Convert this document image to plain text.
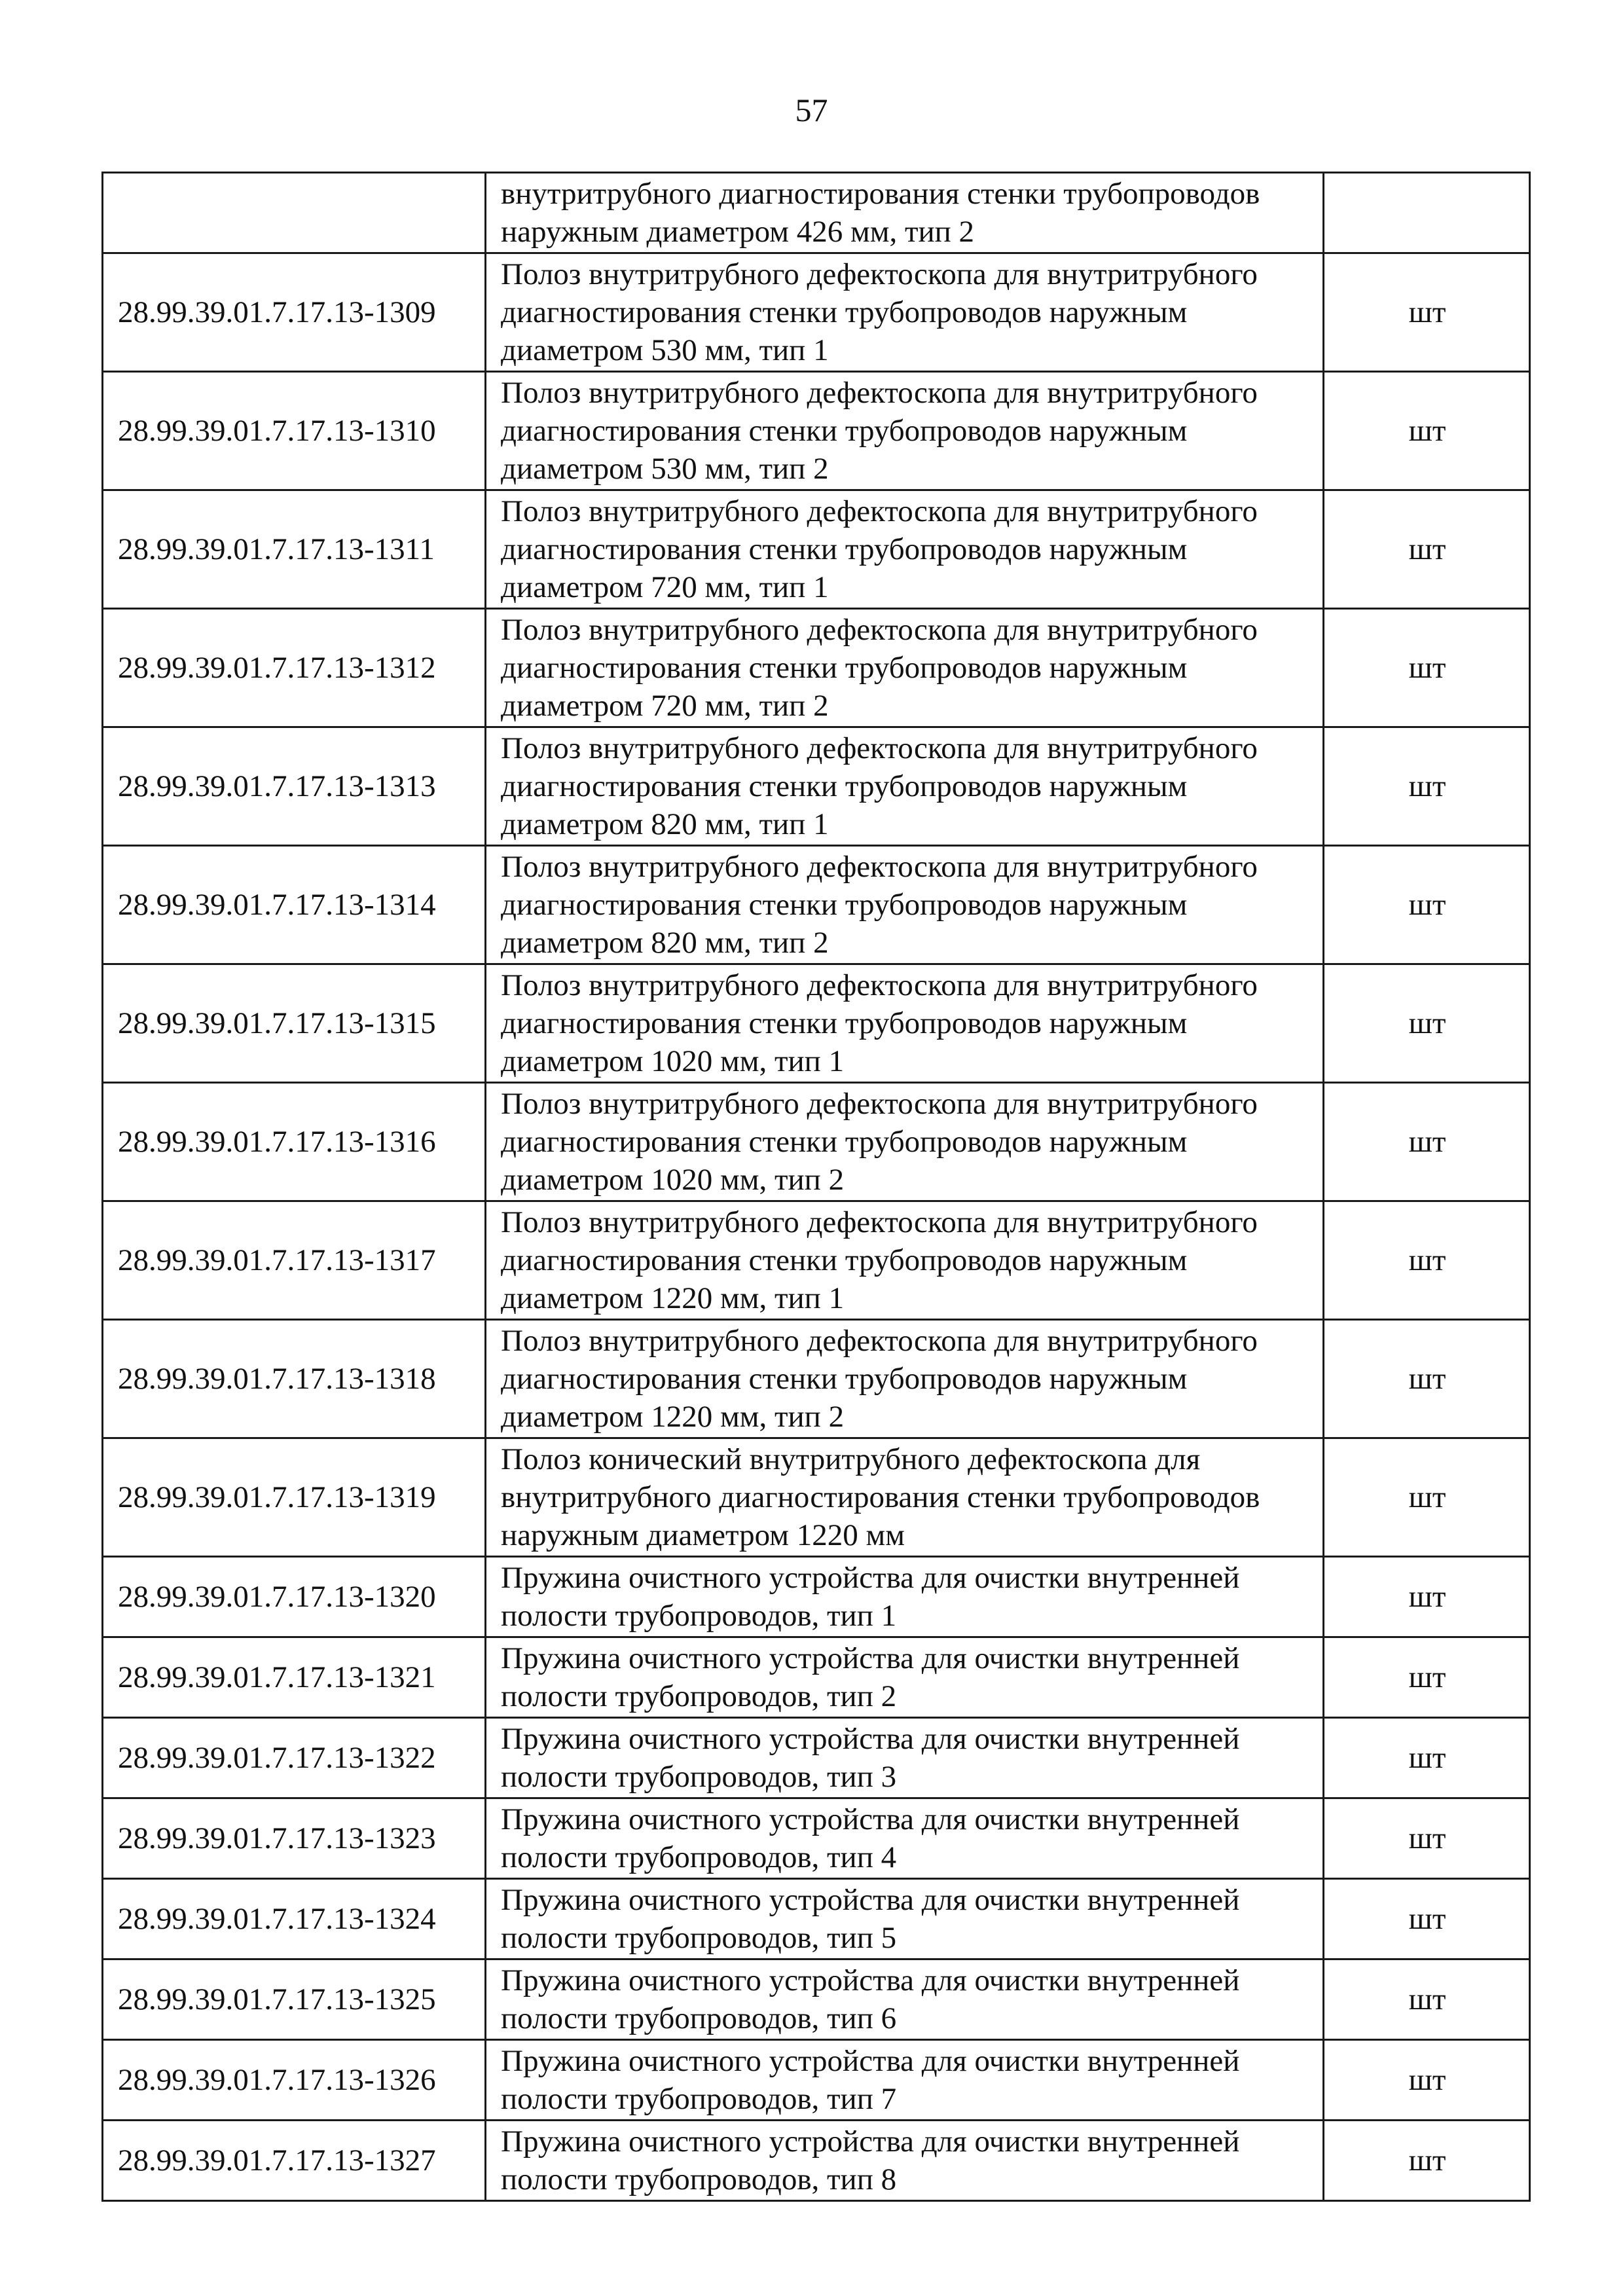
57
	внутритрубного диагностирования стенки трубопроводов наружным диаметром 426 мм, тип 2	
28.99.39.01.7.17.13-1309	Полоз внутритрубного дефектоскопа для внутритрубного диагностирования стенки трубопроводов наружным диаметром 530 мм, тип 1	шт
28.99.39.01.7.17.13-1310	Полоз внутритрубного дефектоскопа для внутритрубного диагностирования стенки трубопроводов наружным диаметром 530 мм, тип 2	шт
28.99.39.01.7.17.13-1311	Полоз внутритрубного дефектоскопа для внутритрубного диагностирования стенки трубопроводов наружным диаметром 720 мм, тип 1	шт
28.99.39.01.7.17.13-1312	Полоз внутритрубного дефектоскопа для внутритрубного диагностирования стенки трубопроводов наружным диаметром 720 мм, тип 2	шт
28.99.39.01.7.17.13-1313	Полоз внутритрубного дефектоскопа для внутритрубного диагностирования стенки трубопроводов наружным диаметром 820 мм, тип 1	шт
28.99.39.01.7.17.13-1314	Полоз внутритрубного дефектоскопа для внутритрубного диагностирования стенки трубопроводов наружным диаметром 820 мм, тип 2	шт
28.99.39.01.7.17.13-1315	Полоз внутритрубного дефектоскопа для внутритрубного диагностирования стенки трубопроводов наружным диаметром 1020 мм, тип 1	шт
28.99.39.01.7.17.13-1316	Полоз внутритрубного дефектоскопа для внутритрубного диагностирования стенки трубопроводов наружным диаметром 1020 мм, тип 2	шт
28.99.39.01.7.17.13-1317	Полоз внутритрубного дефектоскопа для внутритрубного диагностирования стенки трубопроводов наружным диаметром 1220 мм, тип 1	шт
28.99.39.01.7.17.13-1318	Полоз внутритрубного дефектоскопа для внутритрубного диагностирования стенки трубопроводов наружным диаметром 1220 мм, тип 2	шт
28.99.39.01.7.17.13-1319	Полоз конический внутритрубного дефектоскопа для внутритрубного диагностирования стенки трубопроводов наружным диаметром 1220 мм	шт
28.99.39.01.7.17.13-1320	Пружина очистного устройства для очистки внутренней полости трубопроводов, тип 1	шт
28.99.39.01.7.17.13-1321	Пружина очистного устройства для очистки внутренней полости трубопроводов, тип 2	шт
28.99.39.01.7.17.13-1322	Пружина очистного устройства для очистки внутренней полости трубопроводов, тип 3	шт
28.99.39.01.7.17.13-1323	Пружина очистного устройства для очистки внутренней полости трубопроводов, тип 4	шт
28.99.39.01.7.17.13-1324	Пружина очистного устройства для очистки внутренней полости трубопроводов, тип 5	шт
28.99.39.01.7.17.13-1325	Пружина очистного устройства для очистки внутренней полости трубопроводов, тип 6	шт
28.99.39.01.7.17.13-1326	Пружина очистного устройства для очистки внутренней полости трубопроводов, тип 7	шт
28.99.39.01.7.17.13-1327	Пружина очистного устройства для очистки внутренней полости трубопроводов, тип 8	шт
